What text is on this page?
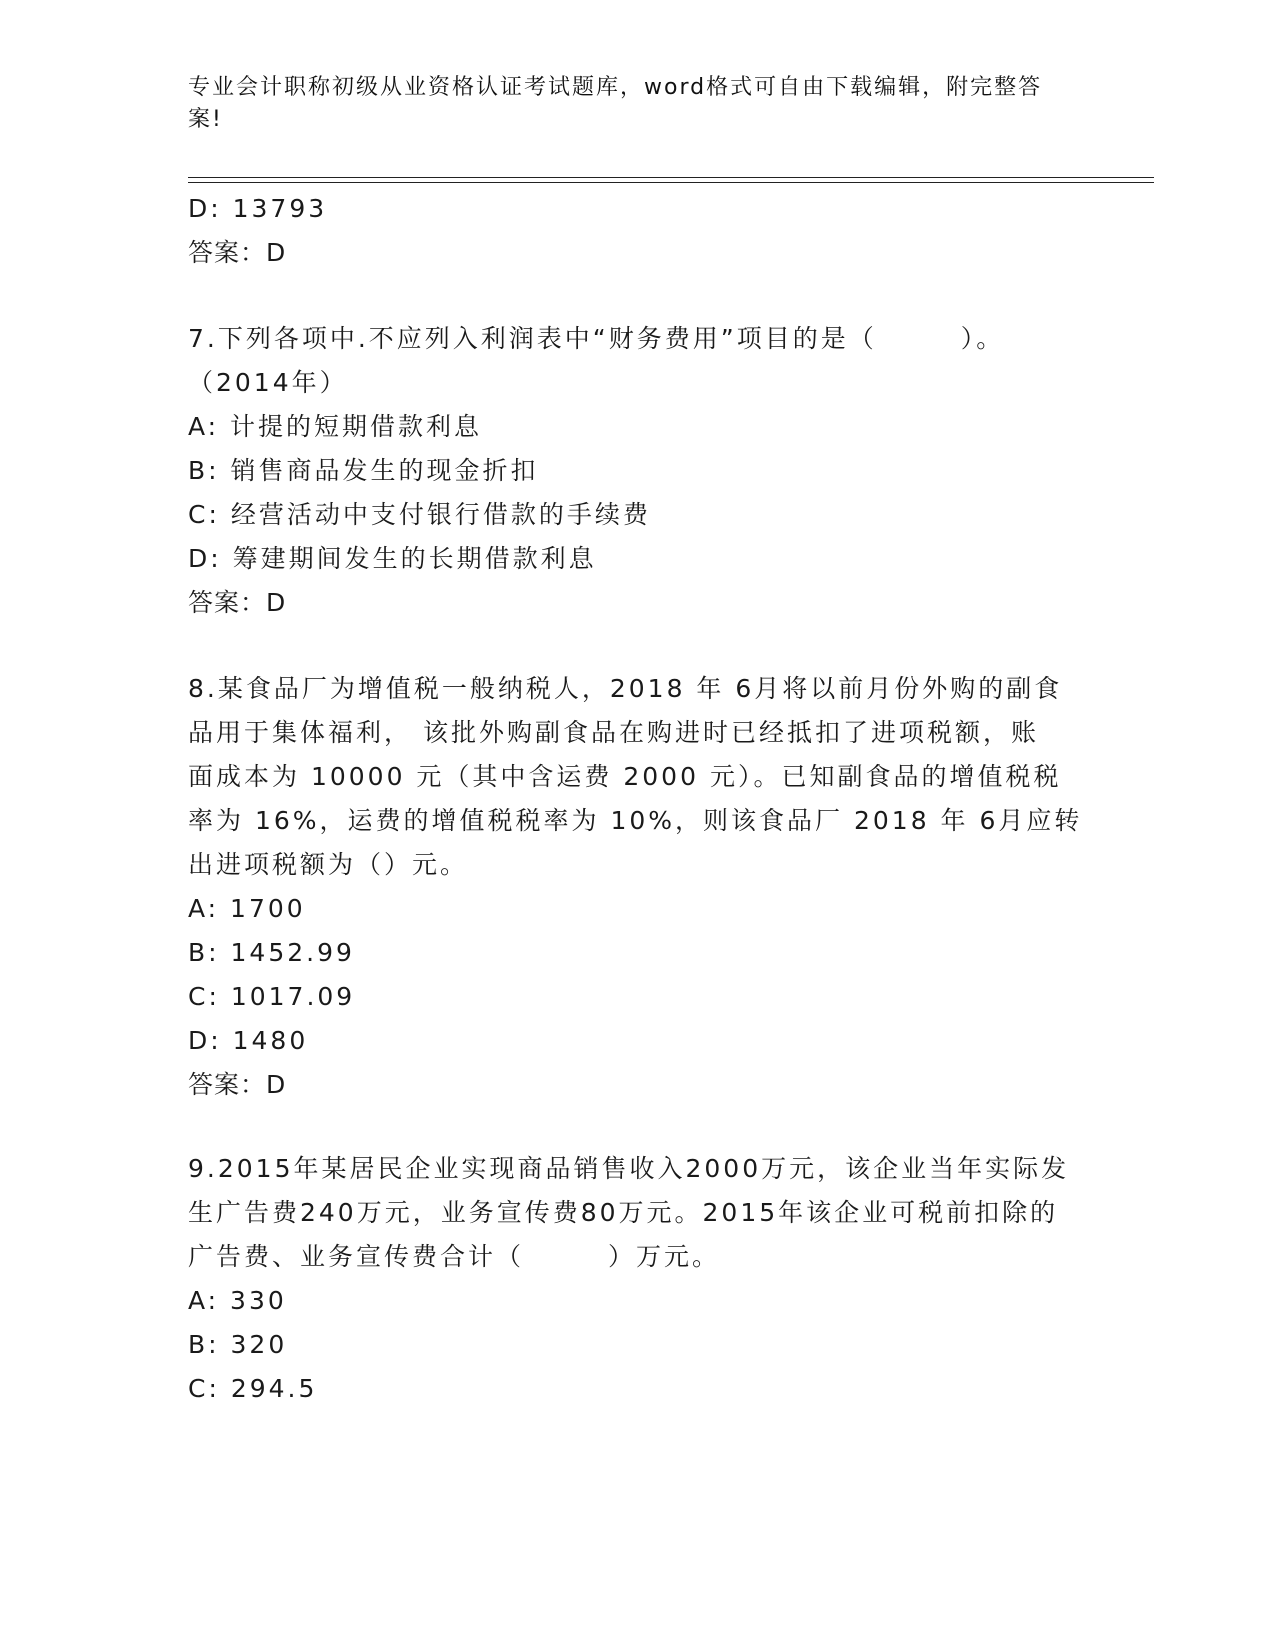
专业会计职称初级从业资格认证考试题库，word格式可自由下载编辑，附完整答
案!
D: 13793
答案：D
7.下列各项中.不应列入利润表中“财务费用”项目的是（　　　）。
（2014年）
A: 计提的短期借款利息
B: 销售商品发生的现金折扣
C: 经营活动中支付银行借款的手续费
D: 筹建期间发生的长期借款利息
答案：D
8.某食品厂为增值税一般纳税人，2018 年 6月将以前月份外购的副食
品用于集体福利， 该批外购副食品在购进时已经抵扣了进项税额，账
面成本为 10000 元（其中含运费 2000 元）。已知副食品的增值税税
率为 16%，运费的增值税税率为 10%，则该食品厂 2018 年 6月应转
出进项税额为（）元。
A: 1700
B: 1452.99
C: 1017.09
D: 1480
答案：D
9.2015年某居民企业实现商品销售收入2000万元，该企业当年实际发
生广告费240万元，业务宣传费80万元。2015年该企业可税前扣除的
广告费、业务宣传费合计（　　　）万元。
A: 330
B: 320
C: 294.5
